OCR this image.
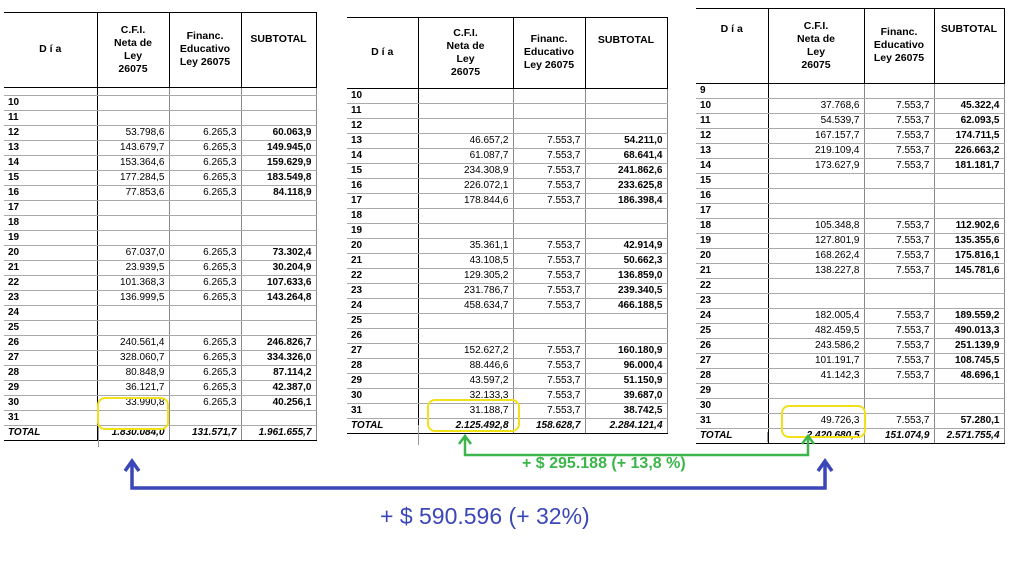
D í a	C.F.I.
Neta de
Ley
26075	Financ.
Educativo
Ley 26075	SUBTOTAL

10			
11			
12	53.798,6	6.265,3	60.063,9
13	143.679,7	6.265,3	149.945,0
14	153.364,6	6.265,3	159.629,9
15	177.284,5	6.265,3	183.549,8
16	77.853,6	6.265,3	84.118,9
17			
18			
19			
20	67.037,0	6.265,3	73.302,4
21	23.939,5	6.265,3	30.204,9
22	101.368,3	6.265,3	107.633,6
23	136.999,5	6.265,3	143.264,8
24			
25			
26	240.561,4	6.265,3	246.826,7
27	328.060,7	6.265,3	334.326,0
28	80.848,9	6.265,3	87.114,2
29	36.121,7	6.265,3	42.387,0
30	33.990,8	6.265,3	40.256,1
31			
TOTAL	1.830.084,0	131.571,7	1.961.655,7
D í a	C.F.I.
Neta de
Ley
26075	Financ.
Educativo
Ley 26075	SUBTOTAL
10			
11			
12			
13	46.657,2	7.553,7	54.211,0
14	61.087,7	7.553,7	68.641,4
15	234.308,9	7.553,7	241.862,6
16	226.072,1	7.553,7	233.625,8
17	178.844,6	7.553,7	186.398,4
18			
19			
20	35.361,1	7.553,7	42.914,9
21	43.108,5	7.553,7	50.662,3
22	129.305,2	7.553,7	136.859,0
23	231.786,7	7.553,7	239.340,5
24	458.634,7	7.553,7	466.188,5
25			
26			
27	152.627,2	7.553,7	160.180,9
28	88.446,6	7.553,7	96.000,4
29	43.597,2	7.553,7	51.150,9
30	32.133,3	7.553,7	39.687,0
31	31.188,7	7.553,7	38.742,5
TOTAL	2.125.492,8	158.628,7	2.284.121,4
D í a	C.F.I.
Neta de
Ley
26075	Financ.
Educativo
Ley 26075	SUBTOTAL
9			
10	37.768,6	7.553,7	45.322,4
11	54.539,7	7.553,7	62.093,5
12	167.157,7	7.553,7	174.711,5
13	219.109,4	7.553,7	226.663,2
14	173.627,9	7.553,7	181.181,7
15			
16			
17			
18	105.348,8	7.553,7	112.902,6
19	127.801,9	7.553,7	135.355,6
20	168.262,4	7.553,7	175.816,1
21	138.227,8	7.553,7	145.781,6
22			
23			
24	182.005,4	7.553,7	189.559,2
25	482.459,5	7.553,7	490.013,3
26	243.586,2	7.553,7	251.139,9
27	101.191,7	7.553,7	108.745,5
28	41.142,3	7.553,7	48.696,1
29			
30			
31	49.726,3	7.553,7	57.280,1
TOTAL	2.420.680,5	151.074,9	2.571.755,4
+ $ 295.188 (+ 13,8 %)
+ $ 590.596 (+ 32%)
